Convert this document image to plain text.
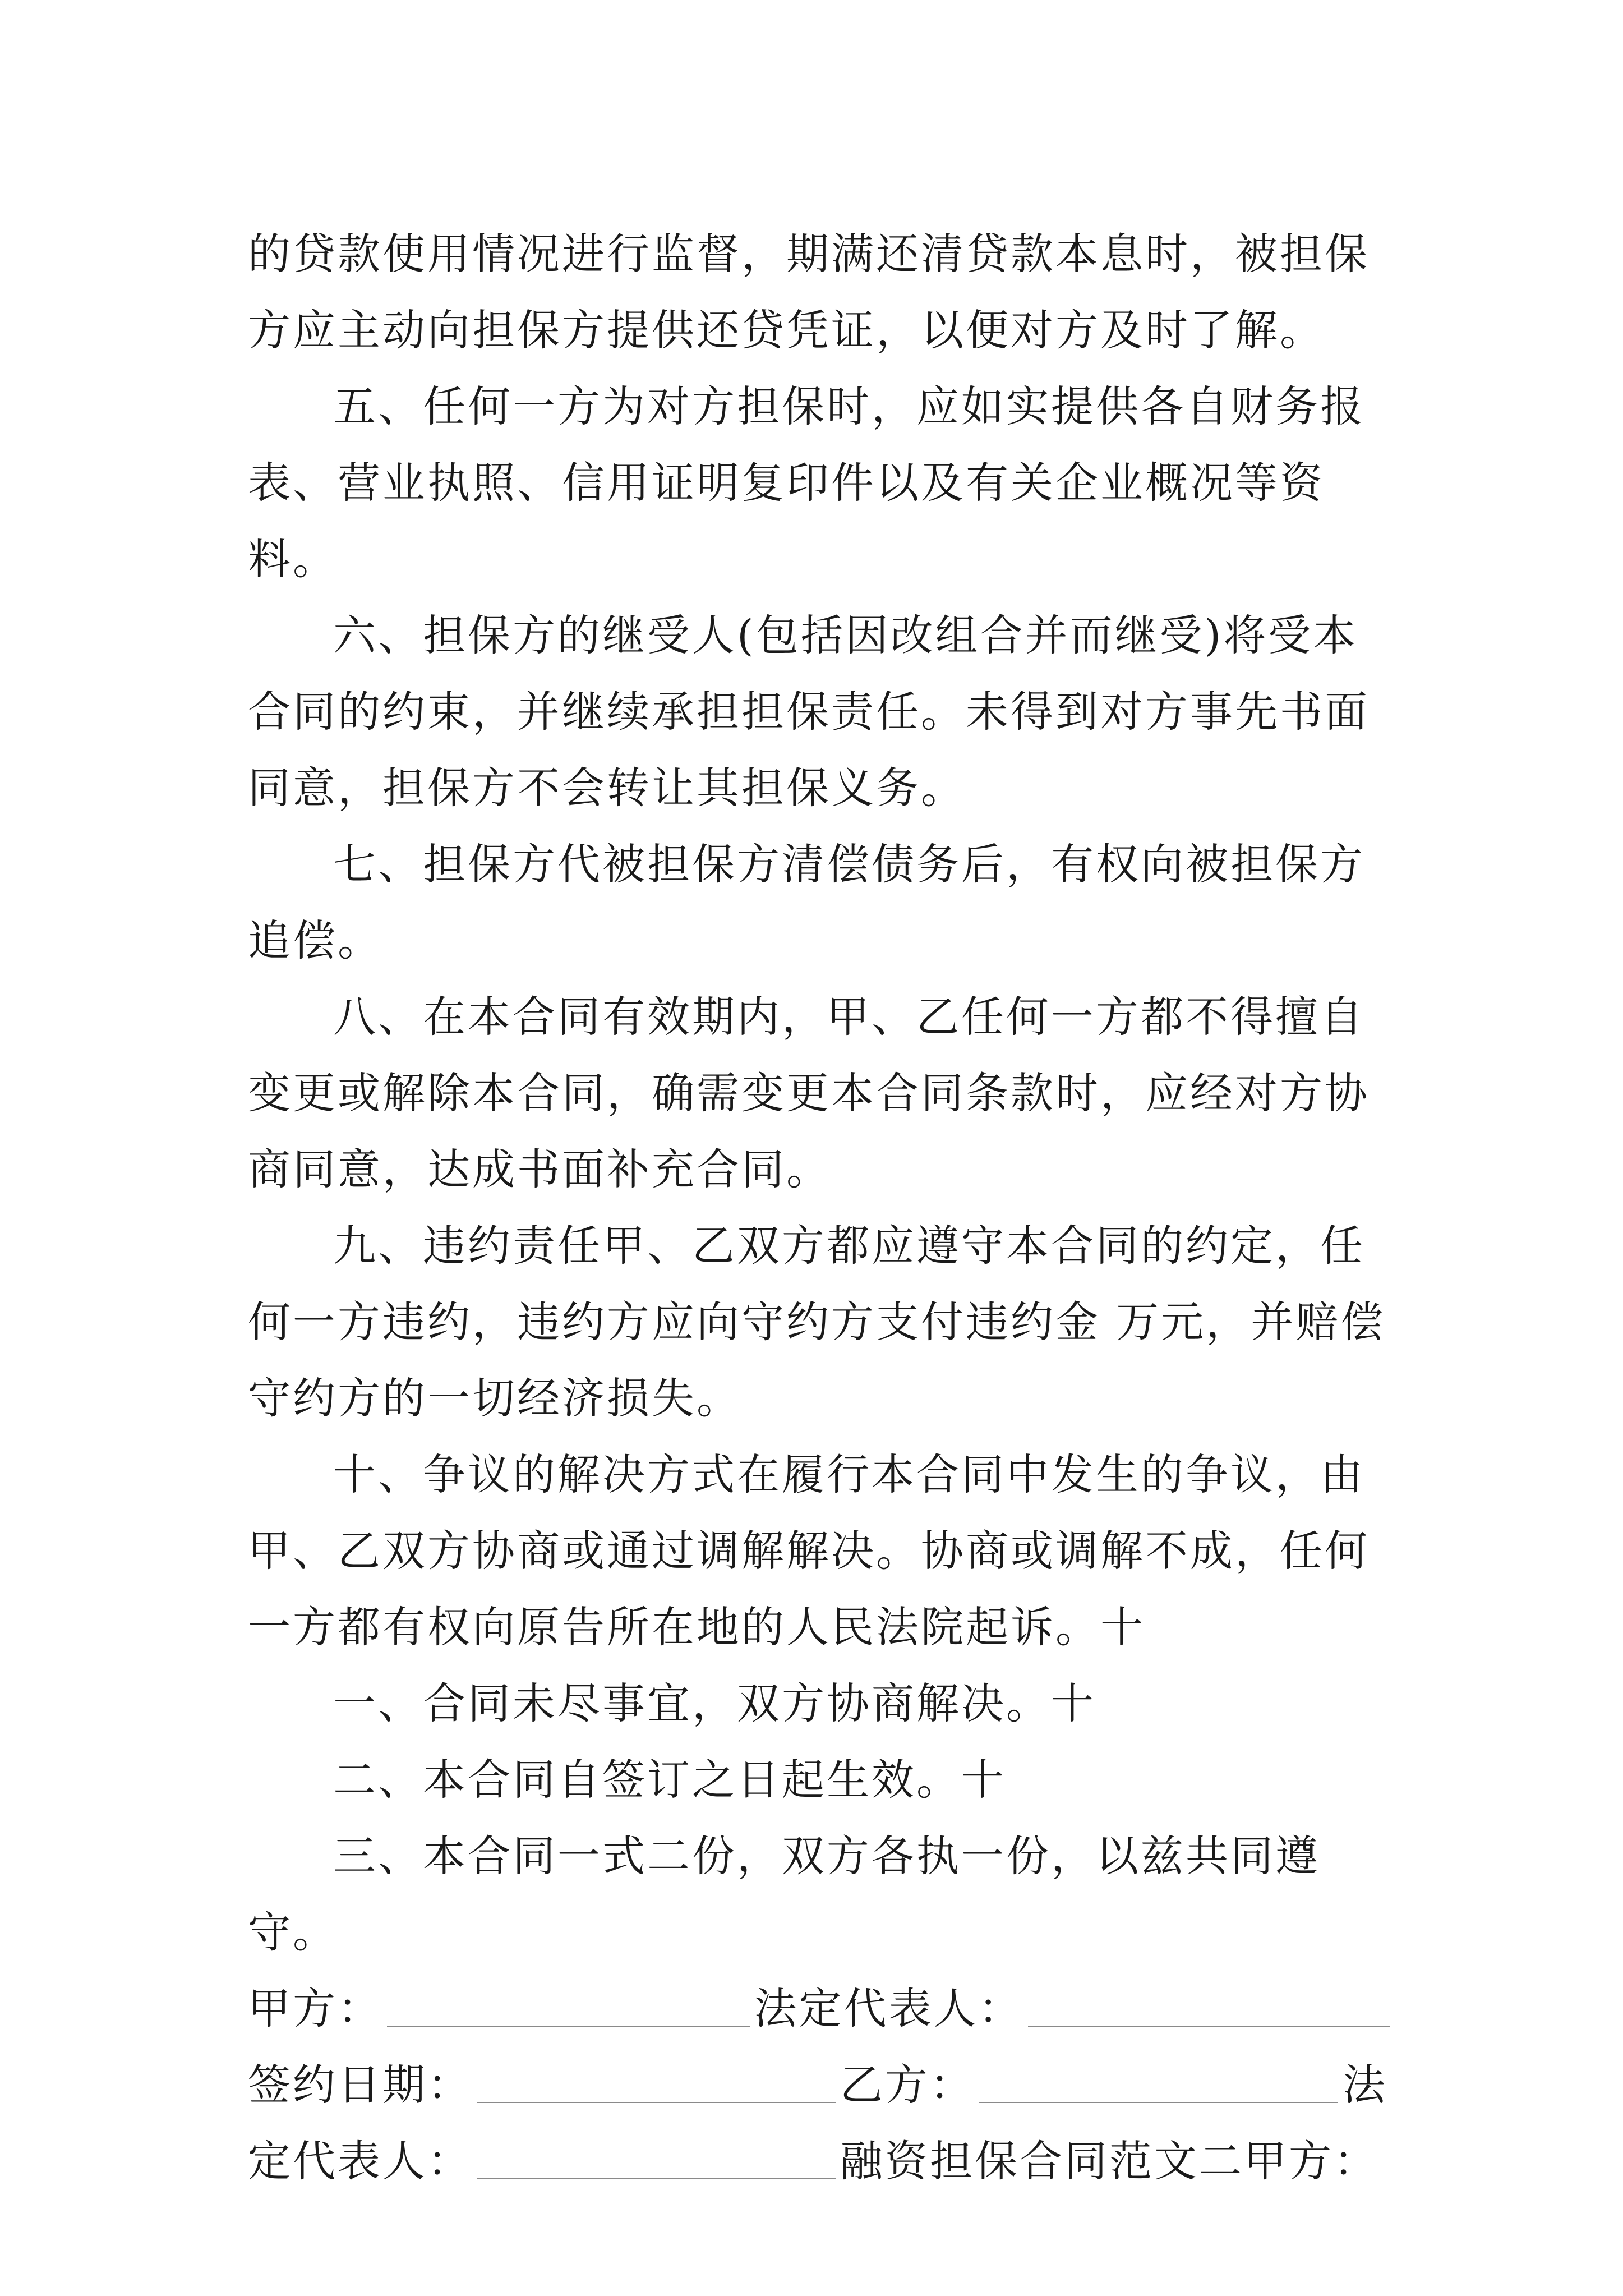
的贷款使用情况进行监督，期满还清贷款本息时，被担保方应主动向担保方提供还贷凭证，以便对方及时了解。

五、任何一方为对方担保时，应如实提供各自财务报表、营业执照、信用证明复印件以及有关企业概况等资料。

六、担保方的继受人(包括因改组合并而继受)将受本合同的约束，并继续承担担保责任。未得到对方事先书面同意，担保方不会转让其担保义务。

七、担保方代被担保方清偿债务后，有权向被担保方追偿。

八、在本合同有效期内，甲、乙任何一方都不得擅自变更或解除本合同，确需变更本合同条款时，应经对方协商同意，达成书面补充合同。

九、违约责任甲、乙双方都应遵守本合同的约定，任何一方违约，违约方应向守约方支付违约金 万元，并赔偿守约方的一切经济损失。

十、争议的解决方式在履行本合同中发生的争议，由甲、乙双方协商或通过调解解决。协商或调解不成，任何一方都有权向原告所在地的人民法院起诉。十

一、合同未尽事宜，双方协商解决。十

二、本合同自签订之日起生效。十

三、本合同一式二份，双方各执一份，以兹共同遵守。

甲方：	法定代表人：
签约日期：	乙方：	法
定代表人：	融资担保合同范文二甲方：
